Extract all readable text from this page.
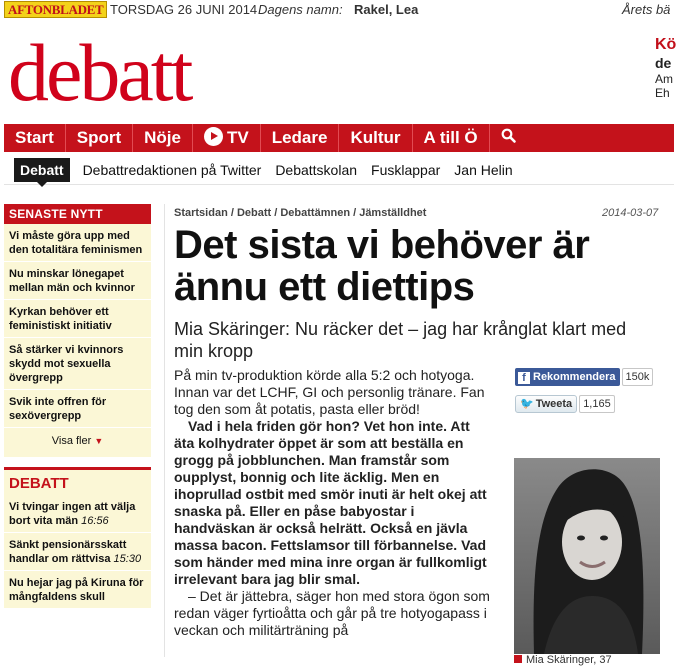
AFTONBLADET TORSDAG 26 JUNI 2014 Dagens namn: Rakel, Lea	Årets bä
debatt	Kö
de
Am
Eh
Start	Sport	Nöje	TV	Ledare	Kultur	A till Ö
Debatt	Debattredaktionen på Twitter Debattskolan Fusklappar Jan Helin
SENASTE NYTT
Vi måste göra upp med den totalitära feminismen
Nu minskar lönegapet mellan män och kvinnor
Kyrkan behöver ett feministiskt initiativ
Så stärker vi kvinnors skydd mot sexuella övergrepp
Svik inte offren för sexövergrepp
Visa fler ▼
DEBATT
Vi tvingar ingen att välja bort vita män 16:56
Sänkt pensionärsskatt handlar om rättvisa 15:30
Nu hejar jag på Kiruna för mångfaldens skull
Startsidan / Debatt / Debattämnen / Jämställdhet	2014-03-07
Det sista vi behöver är ännu ett diettips
Mia Skäringer: Nu räcker det – jag har krånglat klart med min kropp

På min tv-produktion körde alla 5:2 och hotyoga. Innan var det LCHF, GI och personlig tränare. Fan tog den som åt potatis, pasta eller bröd!

Vad i hela friden gör hon? Vet hon inte. Att äta kolhydrater öppet är som att beställa en grogg på jobblunchen. Man framstår som oupplyst, bonnig och lite äcklig. Men en ihoprullad ostbit med smör inuti är helt okej att snaska på. Eller en påse babyostar i handväskan är också helrätt. Också en jävla massa bacon. Fettslamsor till förbannelse. Vad som händer med mina inre organ är fullkomligt irrelevant bara jag blir smal.

– Det är jättebra, säger hon med stora ögon som redan väger fyrtioåtta och går på tre hotyogapass i veckan och militärträning på

f Rekommendera 150k
🐦 Tweeta 1,165
Mia Skäringer, 37
